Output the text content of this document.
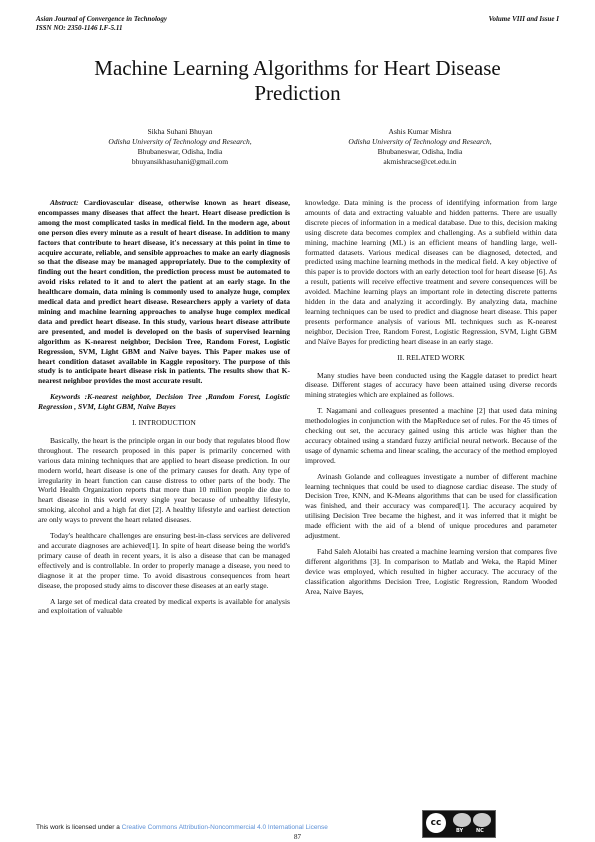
Asian Journal of Convergence in Technology
ISSN NO: 2350-1146 I.F-5.11
Volume VIII and Issue I
Machine Learning Algorithms for Heart Disease Prediction
Sikha Suhani Bhuyan
Odisha University of Technology and Research,
Bhubaneswar, Odisha, India
bhuyansikhasuhani@gmail.com
Ashis Kumar Mishra
Odisha University of Technology and Research,
Bhubaneswar, Odisha, India
akmishracse@cet.edu.in

Abstract: Cardiovascular disease, otherwise known as heart disease, encompasses many diseases that affect the heart. Heart disease prediction is among the most complicated tasks in medical field. In the modern age, about one person dies every minute as a result of heart disease. In addition to many factors that contribute to heart disease, it's necessary at this point in time to acquire accurate, reliable, and sensible approaches to make an early diagnosis so that the disease may be managed appropriately. Due to the complexity of finding out the heart condition, the prediction process must be automated to avoid risks related to it and to alert the patient at an early stage. In the healthcare domain, data mining is commonly used to analyze huge, complex medical data and predict heart disease. Researchers apply a variety of data mining and machine learning approaches to analyse huge complex medical data and predict heart disease. In this study, various heart disease attribute are presented, and model is developed on the basis of supervised learning algorithm as K-nearest neighbor, Decision Tree, Random Forest, Logistic Regression, SVM, Light GBM and Naïve bayes. This Paper makes use of heart condition dataset available in Kaggle repository. The purpose of this study is to anticipate heart disease risk in patients. The results show that K-nearest neighbor provides the most accurate result.

Keywords :K-nearest neighbor, Decision Tree ,Random Forest, Logistic Regression , SVM, Light GBM, Naïve Bayes

I. INTRODUCTION

Basically, the heart is the principle organ in our body that regulates blood flow throughout. The research proposed in this paper is primarily concerned with various data mining techniques that are applied to heart disease prediction. In our modern world, heart disease is one of the primary causes for death. Any type of irregularity in heart function can cause distress to other parts of the body. The World Health Organization reports that more than 10 million people die due to heart disease in this world every single year because of unhealthy lifestyle, smoking, alcohol and a high fat diet [2]. A healthy lifestyle and earliest detection are only ways to prevent the heart related diseases.

Today's healthcare challenges are ensuring best-in-class services are delivered and accurate diagnoses are achieved[1]. In spite of heart disease being the world's primary cause of death in recent years, it is also a disease that can be managed effectively and is controllable. In order to properly manage a disease, you need to diagnose it at the proper time. To avoid disastrous consequences from heart disease, the proposed study aims to discover these diseases at an early stage.

A large set of medical data created by medical experts is available for analysis and exploitation of valuable

knowledge. Data mining is the process of identifying information from large amounts of data and extracting valuable and hidden patterns. There are usually discrete pieces of information in a medical database. Due to this, decision making using discrete data becomes complex and challenging. As a subfield within data mining, machine learning (ML) is an efficient means of handling large, well-formatted datasets. Various medical diseases can be diagnosed, detected, and predicted using machine learning methods in the medical field. A key objective of this paper is to provide doctors with an early detection tool for heart disease [6]. As a result, patients will receive effective treatment and severe consequences will be avoided. Machine learning plays an important role in detecting discrete patterns hidden in the data and analyzing it accordingly. By analyzing data, machine learning techniques can be used to predict and diagnose heart disease. This paper presents performance analysis of various ML techniques such as K-nearest neighbor, Decision Tree, Random Forest, Logistic Regression, SVM, Light GBM and Naïve Bayes for predicting heart disease in an early stage.

II. RELATED WORK

Many studies have been conducted using the Kaggle dataset to predict heart disease. Different stages of accuracy have been attained using diverse records mining strategies which are explained as follows.

T. Nagamani and colleagues presented a machine [2] that used data mining methodologies in conjunction with the MapReduce set of rules. For the 45 times of checking out set, the accuracy gained using this article was higher than the accuracy obtained using a standard fuzzy artificial neural network. Because of the usage of dynamic schema and linear scaling, the accuracy of the method employed improved.

Avinash Golande and colleagues investigate a number of different machine learning techniques that could be used to diagnose cardiac disease. The study of Decision Tree, KNN, and K-Means algorithms that can be used for classification was finished, and their accuracy was compared[1]. The accuracy acquired by utilising Decision Tree became the highest, and it was inferred that it might be made efficient with the aid of a blend of unique procedures and parameter adjustment.

Fahd Saleh Alotaibi has created a machine learning version that compares five different algorithms [3]. In comparison to Matlab and Weka, the Rapid Miner device was employed, which resulted in higher accuracy. The accuracy of the classification algorithms Decision Tree, Logistic Regression, Random Wooded Area, Naive Bayes,

This work is licensed under a Creative Commons Attribution-Noncommercial 4.0 International License	cc
BY	NC
87
